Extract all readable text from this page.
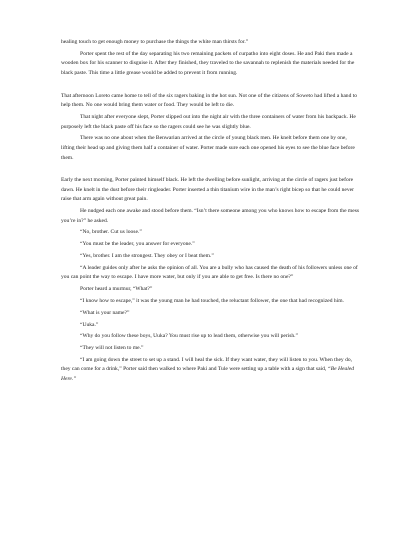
healing touch to get enough money to purchase the things the white man thirsts for.”

Porter spent the rest of the day separating his two remaining packets of curpatho into eight doses. He and Paki then made a wooden box for his scanner to disguise it. After they finished, they traveled to the savannah to replenish the materials needed for the black paste. This time a little grease would be added to prevent it from running.

That afternoon Loreto came home to tell of the six ragers baking in the hot sun. Not one of the citizens of Soweto had lifted a hand to help them. No one would bring them water or food. They would be left to die.

That night after everyone slept, Porter slipped out into the night air with the three containers of water from his backpack. He purposely left the black paste off his face so the ragers could see he was slightly blue.

There was no one about when the Benwarian arrived at the circle of young black men. He knelt before them one by one, lifting their head up and giving them half a container of water. Porter made sure each one opened his eyes to see the blue face before them.

Early the next morning, Porter painted himself black. He left the dwelling before sunlight, arriving at the circle of ragers just before dawn. He knelt in the dust before their ringleader. Porter inserted a thin titanium wire in the man’s right bicep so that he could never raise that arm again without great pain.

He nudged each one awake and stood before them. “Isn’t there someone among you who knows how to escape from the mess you’re in?” he asked.

“No, brother. Cut us loose.”

“You must be the leader, you answer for everyone.”

“Yes, brother. I am the strongest. They obey or I beat them.”

“A leader guides only after he asks the opinion of all. You are a bully who has caused the death of his followers unless one of you can point the way to escape. I have more water, but only if you are able to get free. Is there no one?”

Porter heard a murmur, “What?”

“I know how to escape,” it was the young man he had touched, the reluctant follower, the one that had recognized him.

“What is your name?”

“Uuka.”

“Why do you follow these boys, Uuka? You must rise up to lead them, otherwise you will perish.”

“They will not listen to me.”

“I am going down the street to set up a stand. I will heal the sick. If they want water, they will listen to you. When they do, they can come for a drink,” Porter said then walked to where Paki and Tule were setting up a table with a sign that said, “Be Healed Here.”
